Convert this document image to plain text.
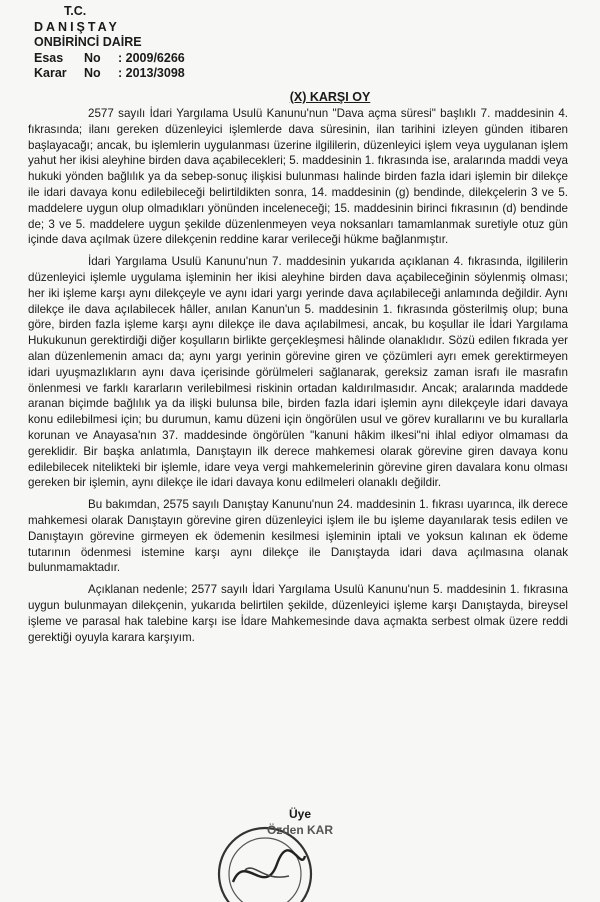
T.C.
DANIŞTAY
ONBİRİNCİ DAİRE
Esas	No	: 2009/6266
Karar	No	: 2013/3098
(X) KARŞI OY

2577 sayılı İdari Yargılama Usulü Kanunu'nun "Dava açma süresi" başlıklı 7. maddesinin 4. fıkrasında; ilanı gereken düzenleyici işlemlerde dava süresinin, ilan tarihini izleyen günden itibaren başlayacağı; ancak, bu işlemlerin uygulanması üzerine ilgililerin, düzenleyici işlem veya uygulanan işlem yahut her ikisi aleyhine birden dava açabilecekleri; 5. maddesinin 1. fıkrasında ise, aralarında maddi veya hukuki yönden bağlılık ya da sebep-sonuç ilişkisi bulunması halinde birden fazla idari işlemin bir dilekçe ile idari davaya konu edilebileceği belirtildikten sonra, 14. maddesinin (g) bendinde, dilekçelerin 3 ve 5. maddelere uygun olup olmadıkları yönünden inceleneceği; 15. maddesinin birinci fıkrasının (d) bendinde de; 3 ve 5. maddelere uygun şekilde düzenlenmeyen veya noksanları tamamlanmak suretiyle otuz gün içinde dava açılmak üzere dilekçenin reddine karar verileceği hükme bağlanmıştır.

İdari Yargılama Usulü Kanunu'nun 7. maddesinin yukarıda açıklanan 4. fıkrasında, ilgililerin düzenleyici işlemle uygulama işleminin her ikisi aleyhine birden dava açabileceğinin söylenmiş olması; her iki işleme karşı aynı dilekçeyle ve aynı idari yargı yerinde dava açılabileceği anlamında değildir. Aynı dilekçe ile dava açılabilecek hâller, anılan Kanun'un 5. maddesinin 1. fıkrasında gösterilmiş olup; buna göre, birden fazla işleme karşı aynı dilekçe ile dava açılabilmesi, ancak, bu koşullar ile İdari Yargılama Hukukunun gerektirdiği diğer koşulların birlikte gerçekleşmesi hâlinde olanaklıdır. Sözü edilen fıkrada yer alan düzenlemenin amacı da; aynı yargı yerinin görevine giren ve çözümleri ayrı emek gerektirmeyen idari uyuşmazlıkların aynı dava içerisinde görülmeleri sağlanarak, gereksiz zaman israfı ile masrafın önlenmesi ve farklı kararların verilebilmesi riskinin ortadan kaldırılmasıdır. Ancak; aralarında maddede aranan biçimde bağlılık ya da ilişki bulunsa bile, birden fazla idari işlemin aynı dilekçeyle idari davaya konu edilebilmesi için; bu durumun, kamu düzeni için öngörülen usul ve görev kurallarını ve bu kurallarla korunan ve Anayasa'nın 37. maddesinde öngörülen "kanuni hâkim ilkesi"ni ihlal ediyor olmaması da gereklidir. Bir başka anlatımla, Danıştayın ilk derece mahkemesi olarak görevine giren davaya konu edilebilecek nitelikteki bir işlemle, idare veya vergi mahkemelerinin görevine giren davalara konu olması gereken bir işlemin, aynı dilekçe ile idari davaya konu edilmeleri olanaklı değildir.

Bu bakımdan, 2575 sayılı Danıştay Kanunu'nun 24. maddesinin 1. fıkrası uyarınca, ilk derece mahkemesi olarak Danıştayın görevine giren düzenleyici işlem ile bu işleme dayanılarak tesis edilen ve Danıştayın görevine girmeyen ek ödemenin kesilmesi işleminin iptali ve yoksun kalınan ek ödeme tutarının ödenmesi istemine karşı aynı dilekçe ile Danıştayda idari dava açılmasına olanak bulunmamaktadır.

Açıklanan nedenle; 2577 sayılı İdari Yargılama Usulü Kanunu'nun 5. maddesinin 1. fıkrasına uygun bulunmayan dilekçenin, yukarıda belirtilen şekilde, düzenleyici işleme karşı Danıştayda, bireysel işleme ve parasal hak talebine karşı ise İdare Mahkemesinde dava açmakta serbest olmak üzere reddi gerektiği oyuyla karara karşıyım.

Üye
Özden KAR
